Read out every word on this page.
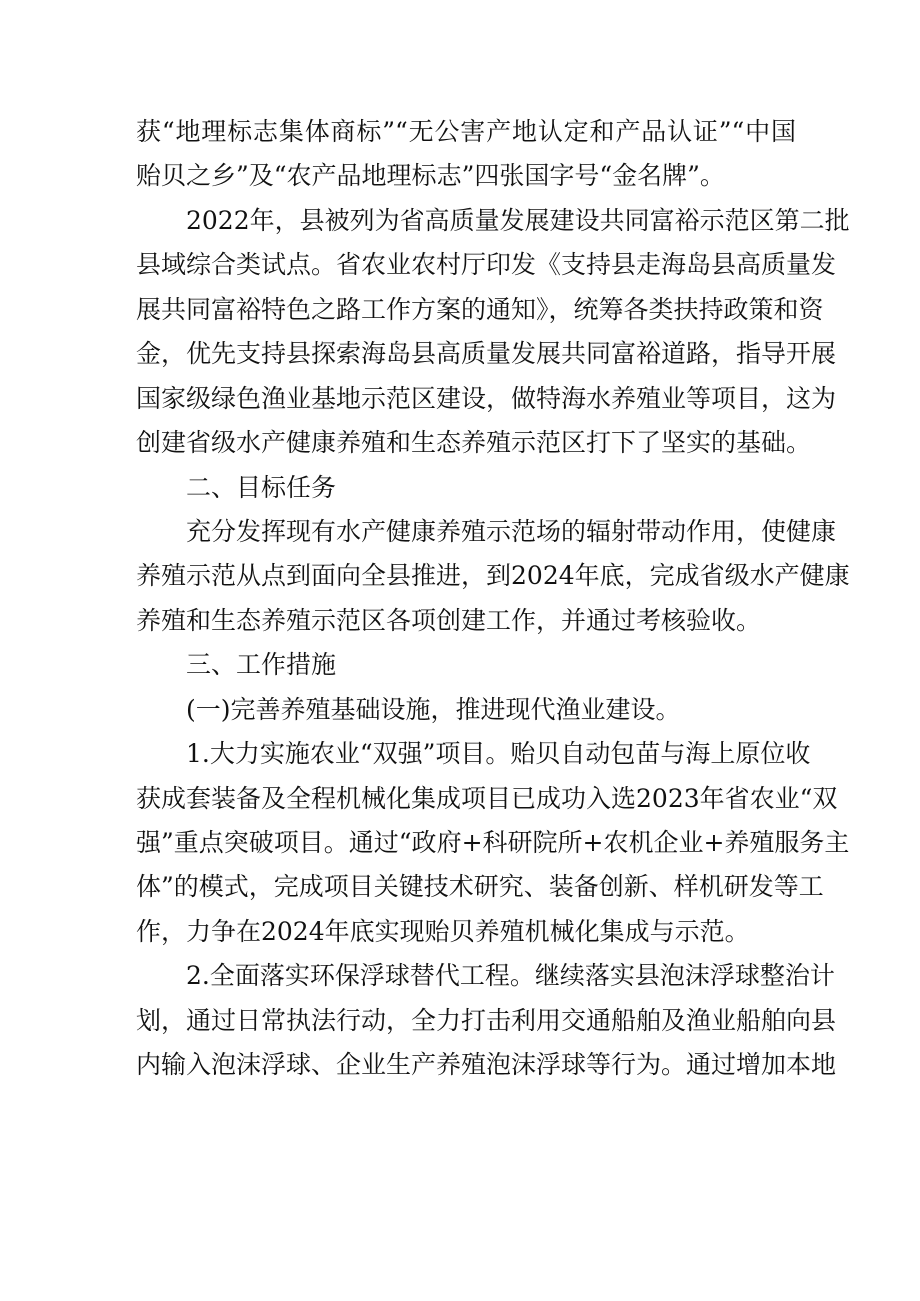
获“地理标志集体商标”“无公害产地认定和产品认证”“中国
贻贝之乡”及“农产品地理标志”四张国字号“金名牌”。
2022年，县被列为省高质量发展建设共同富裕示范区第二批
县域综合类试点。省农业农村厅印发《支持县走海岛县高质量发
展共同富裕特色之路工作方案的通知》，统筹各类扶持政策和资
金，优先支持县探索海岛县高质量发展共同富裕道路，指导开展
国家级绿色渔业基地示范区建设，做特海水养殖业等项目，这为
创建省级水产健康养殖和生态养殖示范区打下了坚实的基础。
二、目标任务
充分发挥现有水产健康养殖示范场的辐射带动作用，使健康
养殖示范从点到面向全县推进，到2024年底，完成省级水产健康
养殖和生态养殖示范区各项创建工作，并通过考核验收。
三、工作措施
(一)完善养殖基础设施，推进现代渔业建设。
1.大力实施农业“双强”项目。贻贝自动包苗与海上原位收
获成套装备及全程机械化集成项目已成功入选2023年省农业“双
强”重点突破项目。通过“政府+科研院所+农机企业+养殖服务主
体”的模式，完成项目关键技术研究、装备创新、样机研发等工
作，力争在2024年底实现贻贝养殖机械化集成与示范。
2.全面落实环保浮球替代工程。继续落实县泡沫浮球整治计
划，通过日常执法行动，全力打击利用交通船舶及渔业船舶向县
内输入泡沫浮球、企业生产养殖泡沫浮球等行为。通过增加本地
